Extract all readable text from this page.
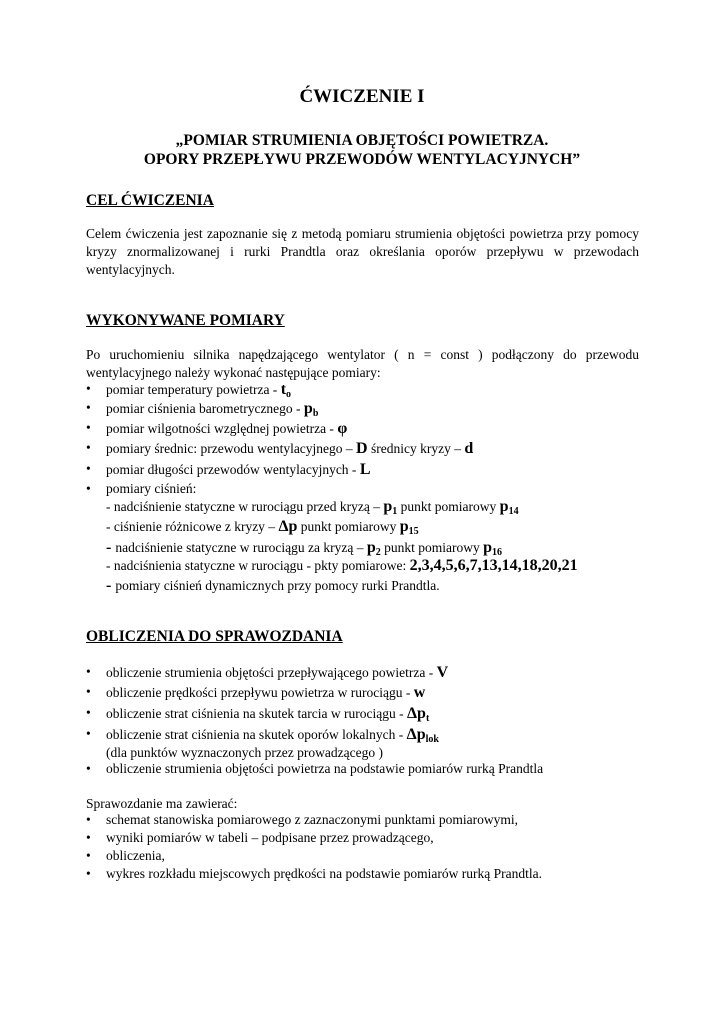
ĆWICZENIE I
„POMIAR STRUMIENIA OBJĘTOŚCI POWIETRZA.
OPORY PRZEPŁYWU PRZEWODÓW WENTYLACYJNYCH”
CEL ĆWICZENIA
Celem ćwiczenia jest zapoznanie się z metodą pomiaru strumienia objętości powietrza przy pomocy kryzy znormalizowanej i rurki Prandtla oraz określania oporów przepływu w przewodach wentylacyjnych.
WYKONYWANE POMIARY
Po uruchomieniu silnika napędzającego wentylator ( n = const ) podłączony do przewodu wentylacyjnego należy wykonać następujące pomiary:
• pomiar temperatury powietrza - $t_o$
• pomiar ciśnienia barometrycznego - $p_b$
• pomiar wilgotności względnej powietrza - φ
• pomiary średnic: przewodu wentylacyjnego – D średnicy kryzy – d
• pomiar długości przewodów wentylacyjnych - L
• pomiary ciśnień:
- nadciśnienie statyczne w rurociągu przed kryzą – $p_1$ punkt pomiarowy $p_{14}$
- ciśnienie różnicowe z kryzy – Δp punkt pomiarowy $p_{15}$
- nadciśnienie statyczne w rurociągu za kryzą – $p_2$ punkt pomiarowy $p_{16}$
- nadciśnienia statyczne w rurociągu - pkty pomiarowe: 2,3,4,5,6,7,13,14,18,20,21
- pomiary ciśnień dynamicznych przy pomocy rurki Prandtla.
OBLICZENIA DO SPRAWOZDANIA
• obliczenie strumienia objętości przepływającego powietrza - V
• obliczenie prędkości przepływu powietrza w rurociągu - w
• obliczenie strat ciśnienia na skutek tarcia w rurociągu - $\Delta p_t$
• obliczenie strat ciśnienia na skutek oporów lokalnych - $\Delta p_{lok}$
(dla punktów wyznaczonych przez prowadzącego )
• obliczenie strumienia objętości powietrza na podstawie pomiarów rurką Prandtla
Sprawozdanie ma zawierać:
• schemat stanowiska pomiarowego z zaznaczonymi punktami pomiarowymi,
• wyniki pomiarów w tabeli – podpisane przez prowadzącego,
• obliczenia,
• wykres rozkładu miejscowych prędkości na podstawie pomiarów rurką Prandtla.
